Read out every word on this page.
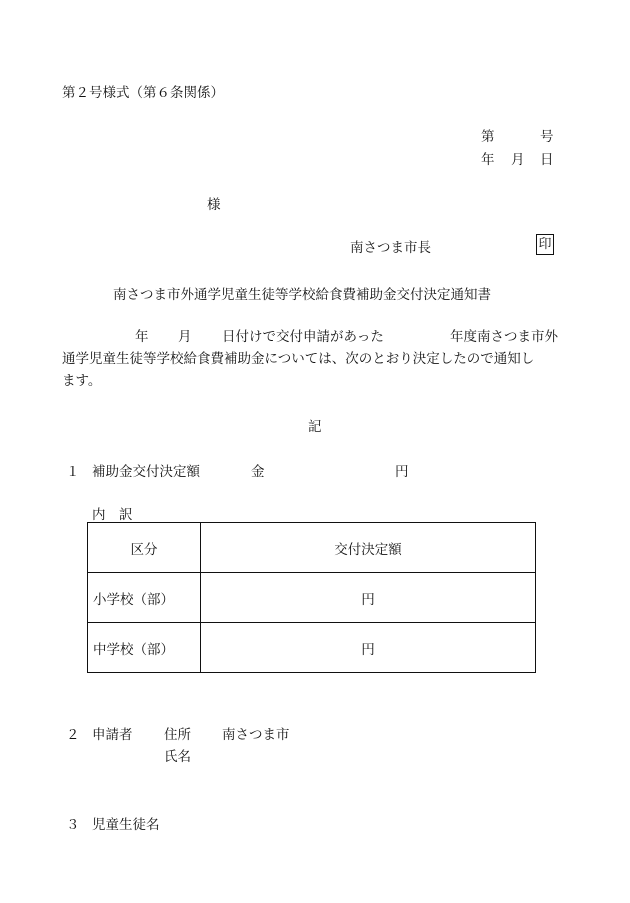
第２号様式（第６条関係）
第	号
年 月 日
様
南さつま市長	印
南さつま市外通学児童生徒等学校給食費補助金交付決定通知書
年 月 日付けで交付申請があった	年度南さつま市外
通学児童生徒等学校給食費補助金については、次のとおり決定したので通知し
ます。
記
１ 補助金交付決定額	金	円
内　訳
区分	交付決定額
小学校（部）	円
中学校（部）	円
２ 申請者 住所 南さつま市
氏名
３ 児童生徒名
